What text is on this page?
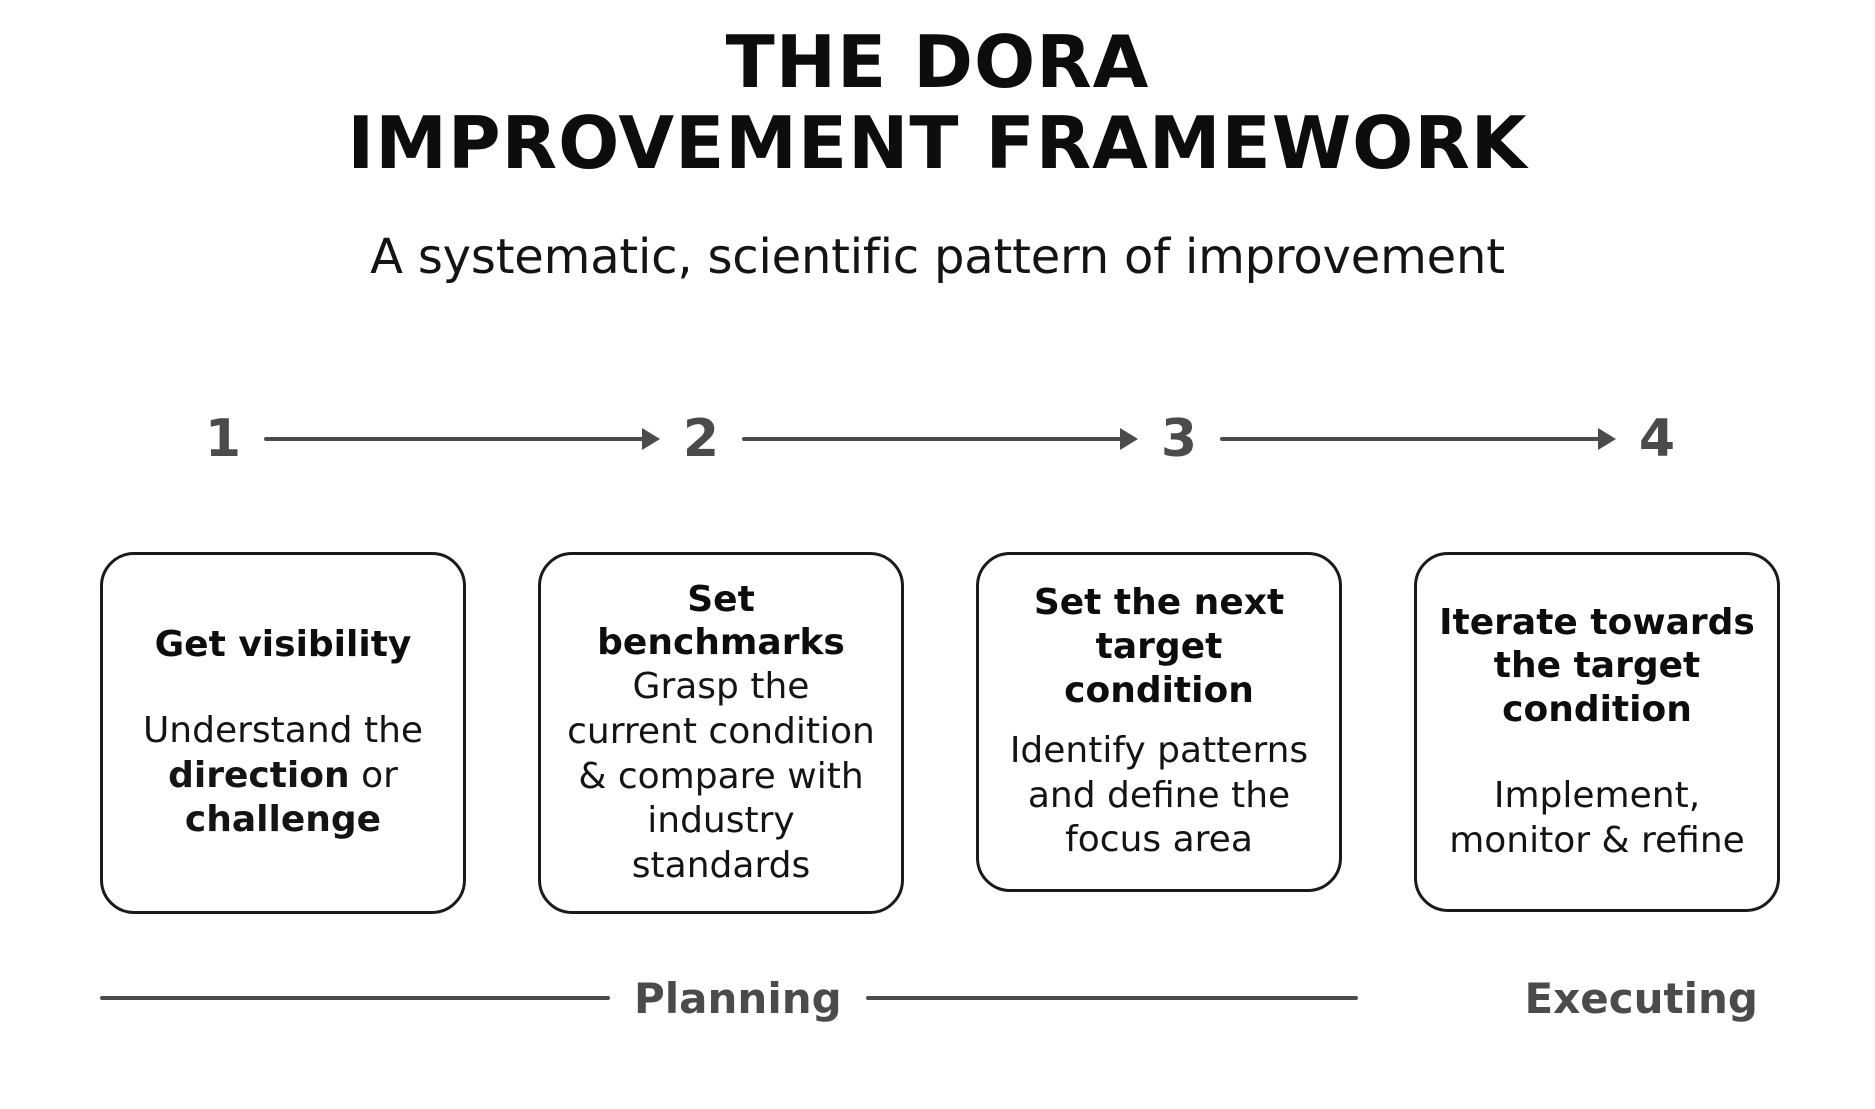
THE DORA
IMPROVEMENT FRAMEWORK
A systematic, scientific pattern of improvement
1	2	3	4
Get visibility
Understand the direction or challenge
Set benchmarks
Grasp the current condition & compare with industry standards
Set the next target condition
Identify patterns and define the focus area
Iterate towards the target condition
Implement, monitor & refine
Planning	Executing
